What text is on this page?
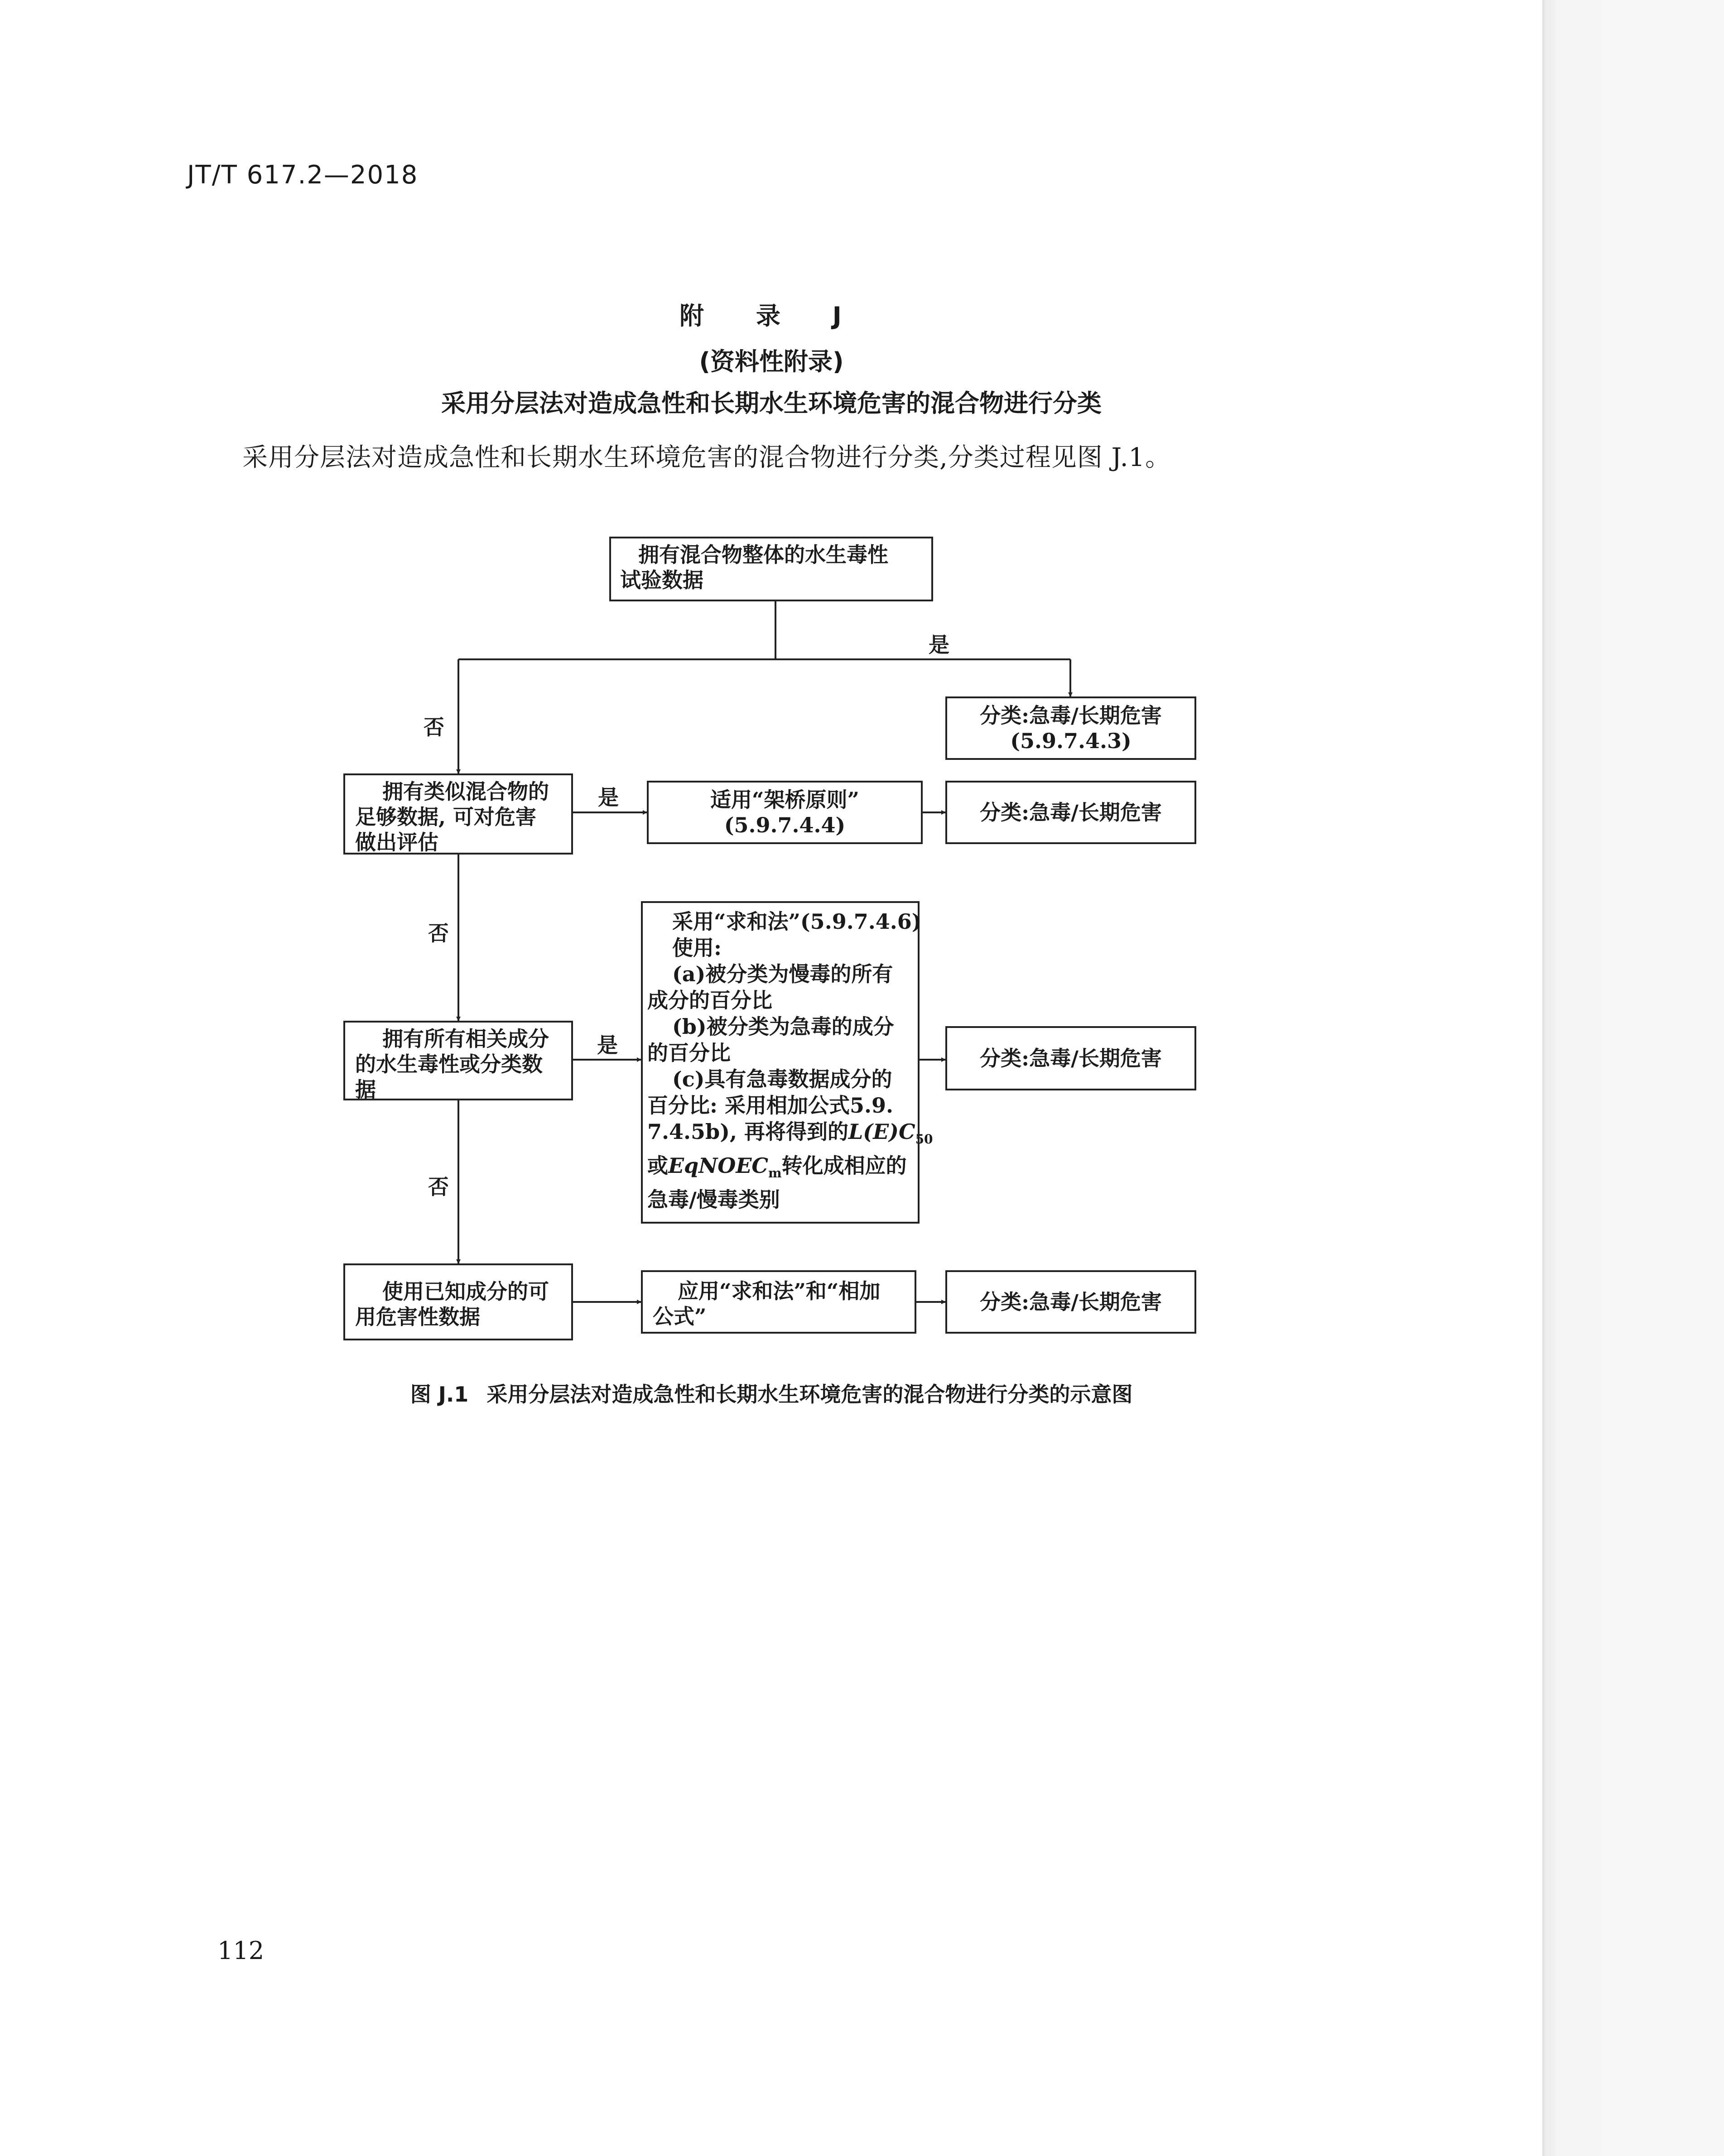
JT/T 617.2—2018
附 录 J
(资料性附录)
采用分层法对造成急性和长期水生环境危害的混合物进行分类
采用分层法对造成急性和长期水生环境危害的混合物进行分类,分类过程见图 J.1。
是
否
是
否
是
否
拥有混合物整体的水生毒性
试验数据
分类:急毒/长期危害
(5.9.7.4.3)
拥有类似混合物的
足够数据, 可对危害
做出评估
适用“架桥原则”
(5.9.7.4.4)
分类:急毒/长期危害
拥有所有相关成分
的水生毒性或分类数
据
采用“求和法”(5.9.7.4.6)
使用:
(a)被分类为慢毒的所有
成分的百分比
(b)被分类为急毒的成分
的百分比
(c)具有急毒数据成分的
百分比: 采用相加公式5.9.
7.4.5b), 再将得到的$L(E)C_{50}$
或EqNOEC$_m$转化成相应的
急毒/慢毒类别
分类:急毒/长期危害
使用已知成分的可
用危害性数据
应用“求和法”和“相加
公式”
分类:急毒/长期危害
图 J.1 采用分层法对造成急性和长期水生环境危害的混合物进行分类的示意图
112
